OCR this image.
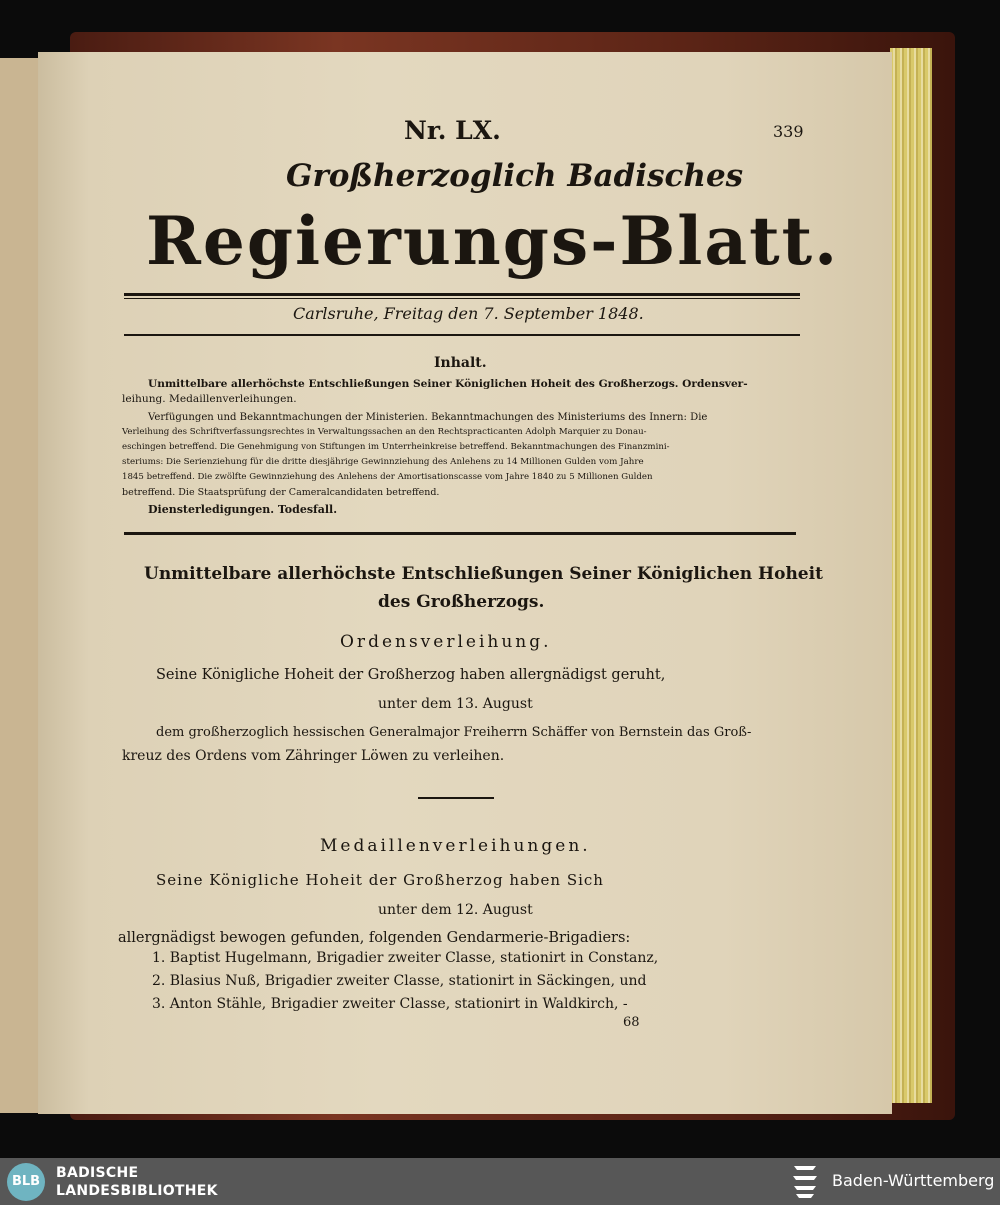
Nr. LX.	339
Großherzoglich Badisches
Regierungs-Blatt.
Carlsruhe, Freitag den 7. September 1848.
Inhalt.
Unmittelbare allerhöchste Entschließungen Seiner Königlichen Hoheit des Großherzogs. Ordensver-
leihung. Medaillenverleihungen.
Verfügungen und Bekanntmachungen der Ministerien. Bekanntmachungen des Ministeriums des Innern: Die
Verleihung des Schriftverfassungsrechtes in Verwaltungssachen an den Rechtspracticanten Adolph Marquier zu Donau-
eschingen betreffend. Die Genehmigung von Stiftungen im Unterrheinkreise betreffend. Bekanntmachungen des Finanzmini-
steriums: Die Serienziehung für die dritte diesjährige Gewinnziehung des Anlehens zu 14 Millionen Gulden vom Jahre
1845 betreffend. Die zwölfte Gewinnziehung des Anlehens der Amortisationscasse vom Jahre 1840 zu 5 Millionen Gulden
betreffend. Die Staatsprüfung der Cameralcandidaten betreffend.
Diensterledigungen. Todesfall.
Unmittelbare allerhöchste Entschließungen Seiner Königlichen Hoheit
des Großherzogs.
Ordensverleihung.
Seine Königliche Hoheit der Großherzog haben allergnädigst geruht,
unter dem 13. August
dem großherzoglich hessischen Generalmajor Freiherrn Schäffer von Bernstein das Groß-
kreuz des Ordens vom Zähringer Löwen zu verleihen.
Medaillenverleihungen.
Seine Königliche Hoheit der Großherzog haben Sich
unter dem 12. August
allergnädigst bewogen gefunden, folgenden Gendarmerie-Brigadiers:
1. Baptist Hugelmann, Brigadier zweiter Classe, stationirt in Constanz,
2. Blasius Nuß, Brigadier zweiter Classe, stationirt in Säckingen, und
3. Anton Stähle, Brigadier zweiter Classe, stationirt in Waldkirch, -
68
BLB
BADISCHE
LANDESBIBLIOTHEK
Baden-Württemberg
